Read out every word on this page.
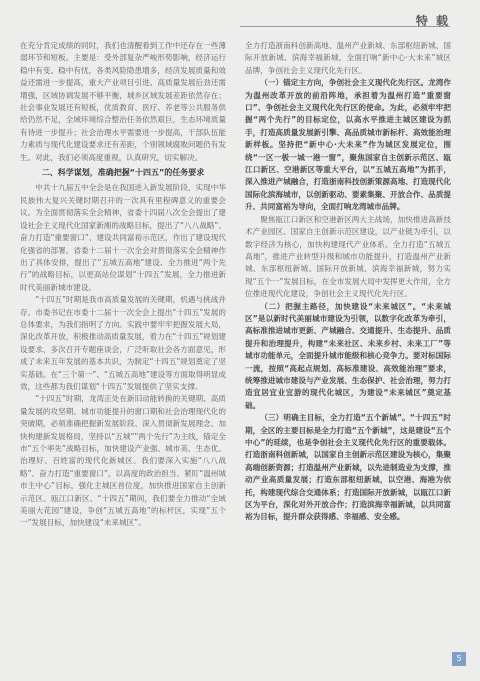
特 载

在充分肯定成绩的同时，我们也清醒看到工作中还存在一些薄弱环节和短板。主要是：受外部复杂严峻形势影响，经济运行稳中有变、稳中有忧，各类风险隐患增多，经济发展质量和效益还需进一步提高，重大产业项目引进、高质量发展后劲还需增强，区域协调发展不够平衡，城乡区域发展差距依然存在；社会事业发展还有短板，优质教育、医疗、养老等公共服务供给仍然不足，全域环境综合整治任务依然艰巨，生态环境质量有待进一步提升；社会治理水平需要进一步提高，干部队伍能力素质与现代化建设要求还有差距，个别领域腐败问题仍有发生。对此，我们必须高度重视，认真研究，切实解决。

二、科学谋划，准确把握“十四五”的任务要求

中共十九届五中全会是在我国进入新发展阶段、实现中华民族伟大复兴关键时期召开的一次具有里程碑意义的重要会议。为全面贯彻落实全会精神，省委十四届八次全会提出了建设社会主义现代化国家新湘的战略目标，提出了“八八战略”、奋力打造“重要窗口”、建设共同富裕示范区，作出了建设现代化强省的部署。省委十二届十一次全会对贯彻落实全会精神作出了具体安排，提出了“五城五高地”建设、全力推进“两个先行”的战略目标，以更高站位谋划“十四五”发展，全力推进新时代美丽新城市建设。

“十四五”时期是我市高质量发展的关键期，机遇与挑战并存。市委书记在市委十二届十一次全会上提出“十四五”发展的总体要求，为我们指明了方向。实践中要牢牢把握发展大局，深化改革开放，积极推动高质量发展，着力在“十四五”规划建设要求、多次召开专题座谈会，广泛听取社会各方面意见，形成了未来五年发展的基本共识，为制定“十四五”规划奠定了坚实基础。在“三个第一”、“五城五高地”建设等方面取得明显成效，这些都为我们谋划“十四五”发展提供了坚实支撑。

“十四五”时期，龙湾正处在新旧动能转换的关键期、高质量发展的攻坚期、城市功能提升的窗口期和社会治理现代化的突破期，必须准确把握新发展阶段、深入贯彻新发展理念、加快构建新发展格局，坚持以“五城”“两个先行”为主线，锚定全市“五个率先”战略目标，加快建设产业强、城市美、生态优、治理好、百姓富的现代化新城区。我们要深入实施“八八战略”、奋力打造“重要窗口”，以高度的政治担当、紧盯“温州城市主中心”目标，强化主城区首位度，加快推进国家自主创新示范区、瓯江口新区、“十四五”期间，我们要全力推动“全域美丽大花园”建设，争创“五城五高地”的标杆区，实现“五个一”发展目标，加快建设“未来城区”。

全力打造浙南科创新高地、温州产业新城、东部枢纽新城、国际开放新城、滨海幸福新城，全面打响“新中心·大未来”城区品牌，争创社会主义现代化先行区。

（一）锚定主方向，争创社会主义现代化先行区。龙湾作为温州改革开放的前沿阵地，承担着为温州打造“重要窗口”、争创社会主义现代化先行区的使命。为此，必须牢牢把握“两个先行”的目标定位，以高水平推进主城区建设为抓手，打造高质量发展新引擎、高品质城市新标杆、高效能治理新样板。坚持把“新中心·大未来”作为城区发展定位，围绕“一区一极一城一港一窗”，聚焦国家自主创新示范区、瓯江口新区、空港新区等重大平台，以“五城五高地”为抓手，深入推进产城融合，打造浙南科技创新策源高地、打造现代化国际化滨海城市，以创新驱动、要素集聚、开放合作、品质提升、共同富裕为导向，全面打响龙湾城市品牌。

聚焦瓯江口新区和空港新区两大主战场，加快推进高新技术产业园区、国家自主创新示范区建设，以产业链为牵引，以数字经济为核心，加快构建现代产业体系。全力打造“五城五高地”，推进产业转型升级和城市功能提升，打造温州产业新城、东部枢纽新城、国际开放新城、滨海幸福新城，努力实现“五个一”发展目标，在全市发展大局中发挥更大作用，全方位推进现代化建设，争创社会主义现代化先行区。

（二）把握主路径，加快建设“未来城区”。“未来城区”是以新时代美丽城市建设为引领，以数字化改革为牵引，高标准推进城市更新、产城融合、交通提升、生态提升、品质提升和治理提升，构建“未来社区、未来乡村、未来工厂”等城市功能单元，全面提升城市能级和核心竞争力。要对标国际一流，按照“高起点规划、高标准建设、高效能治理”要求，统筹推进城市建设与产业发展、生态保护、社会治理，努力打造宜居宜业宜游的现代化城区，为建设“未来城区”奠定基础。

（三）明确主目标，全力打造“五个新城”。“十四五”时期，全区的主要目标是全力打造“五个新城”，这是建设“五个中心”的延续，也是争创社会主义现代化先行区的重要载体。打造浙南科创新城，以国家自主创新示范区建设为核心，集聚高端创新资源；打造温州产业新城，以先进制造业为支撑，推动产业高质量发展；打造东部枢纽新城，以空港、海港为依托，构建现代综合交通体系；打造国际开放新城，以瓯江口新区为平台，深化对外开放合作；打造滨海幸福新城，以共同富裕为目标，提升群众获得感、幸福感、安全感。

5
